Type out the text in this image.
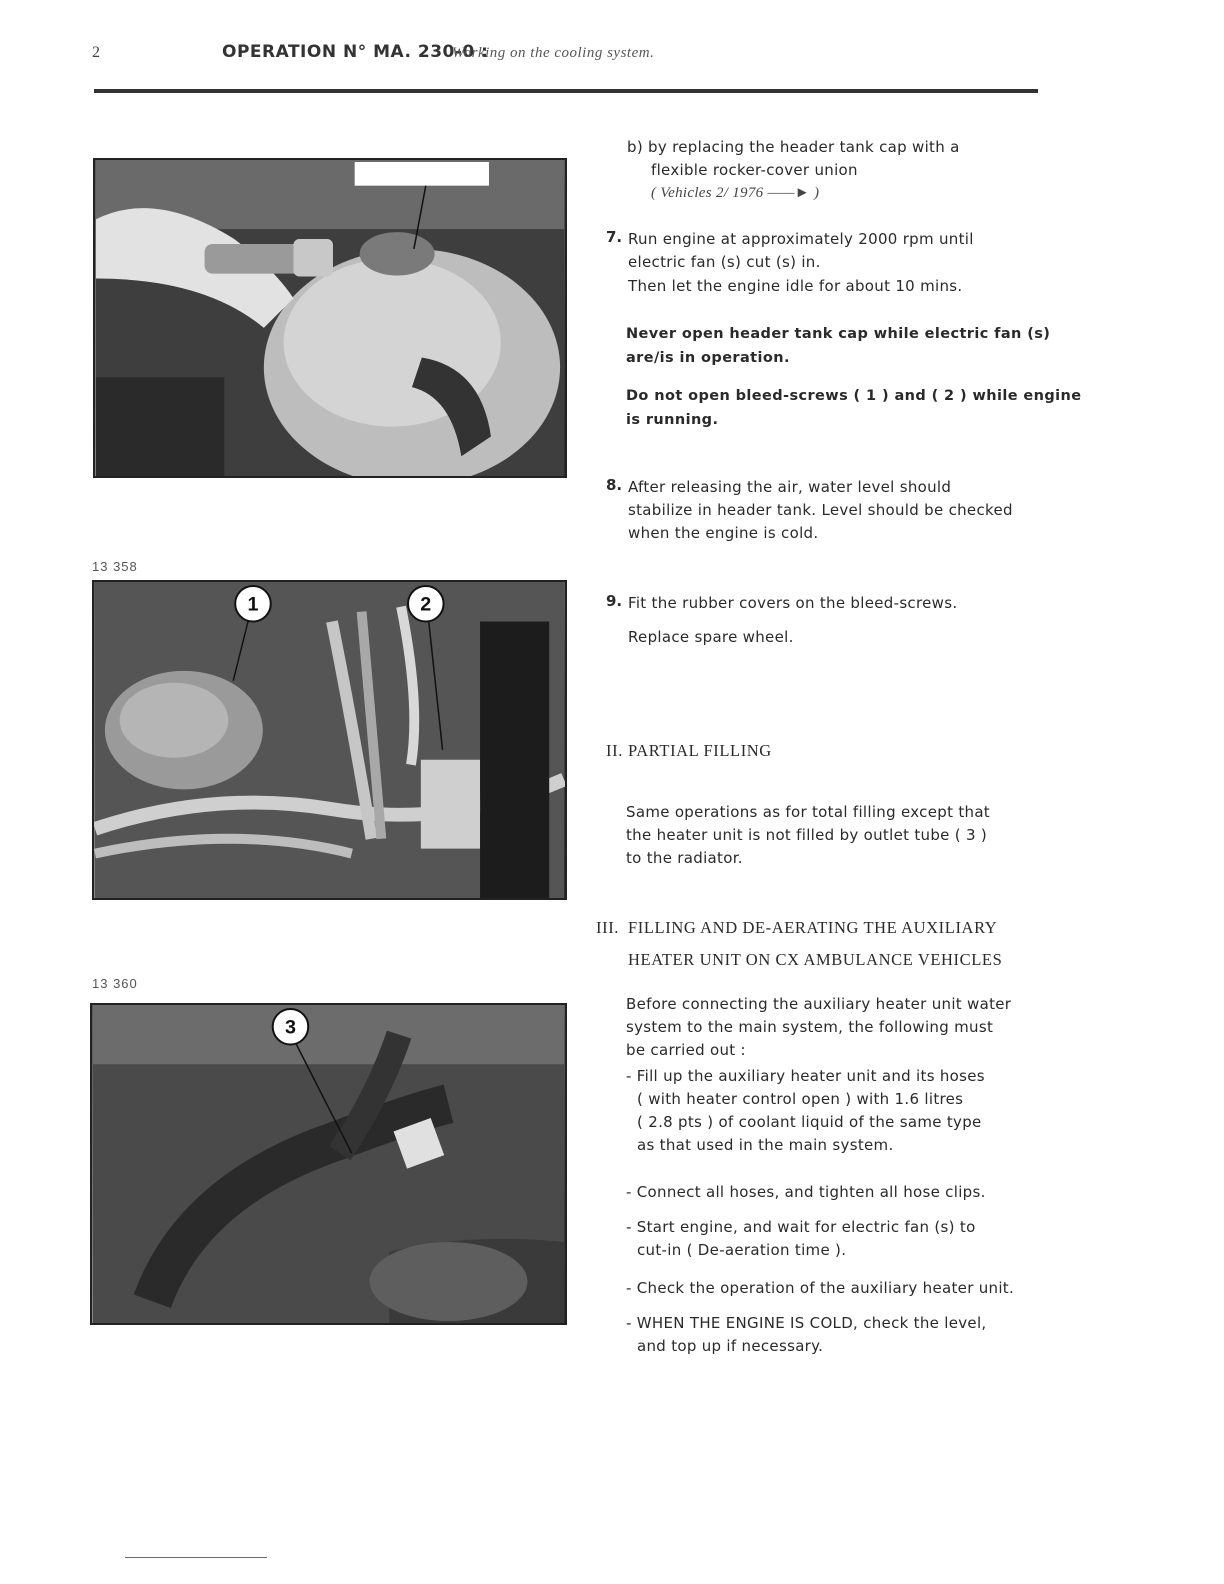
2	OPERATION N° MA. 230-0 :
Working on the cooling system.
13 358
1	2
13 360
3
b) by replacing the header tank cap with a
flexible rocker-cover union
( Vehicles 2/ 1976 ——► )
7. Run engine at approximately 2000 rpm until
electric fan (s) cut (s) in.
Then let the engine idle for about 10 mins.
Never open header tank cap while electric fan (s)
are/is in operation.
Do not open bleed-screws ( 1 ) and ( 2 ) while engine
is running.
8. After releasing the air, water level should
stabilize in header tank. Level should be checked
when the engine is cold.
9. Fit the rubber covers on the bleed-screws.
Replace spare wheel.
II. PARTIAL FILLING
Same operations as for total filling except that
the heater unit is not filled by outlet tube ( 3 )
to the radiator.
III. FILLING AND DE-AERATING THE AUXILIARY
HEATER UNIT ON CX AMBULANCE VEHICLES
Before connecting the auxiliary heater unit water
system to the main system, the following must
be carried out :
- Fill up the auxiliary heater unit and its hoses
( with heater control open ) with 1.6 litres
( 2.8 pts ) of coolant liquid of the same type
as that used in the main system.
- Connect all hoses, and tighten all hose clips.
- Start engine, and wait for electric fan (s) to
cut-in ( De-aeration time ).
- Check the operation of the auxiliary heater unit.
- WHEN THE ENGINE IS COLD, check the level,
and top up if necessary.
